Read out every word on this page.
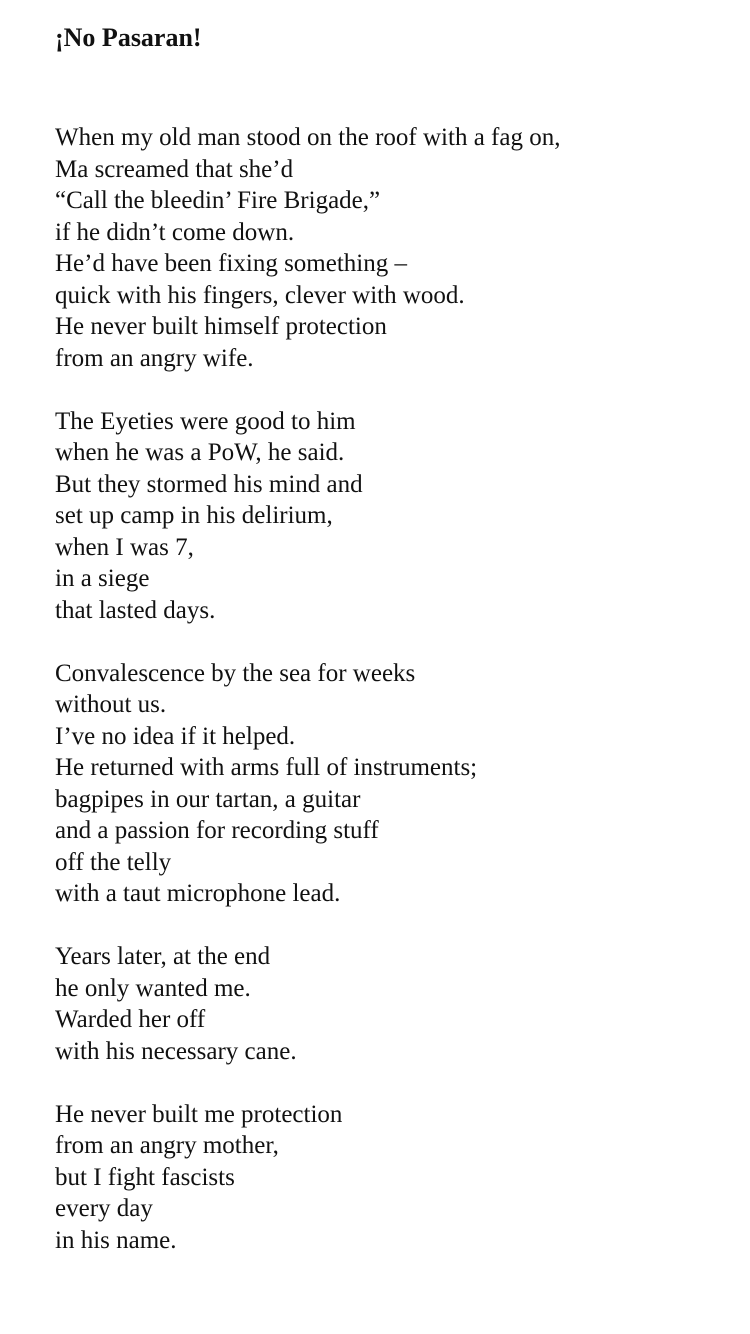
¡No Pasaran!
When my old man stood on the roof with a fag on,
Ma screamed that she’d
“Call the bleedin’ Fire Brigade,”
if he didn’t come down.
He’d have been fixing something –
quick with his fingers, clever with wood.
He never built himself protection
from an angry wife.
The Eyeties were good to him
when he was a PoW, he said.
But they stormed his mind and
set up camp in his delirium,
when I was 7,
in a siege
that lasted days.
Convalescence by the sea for weeks
without us.
I’ve no idea if it helped.
He returned with arms full of instruments;
bagpipes in our tartan, a guitar
and a passion for recording stuff
off the telly
with a taut microphone lead.
Years later, at the end
he only wanted me.
Warded her off
with his necessary cane.
He never built me protection
from an angry mother,
but I fight fascists
every day
in his name.
